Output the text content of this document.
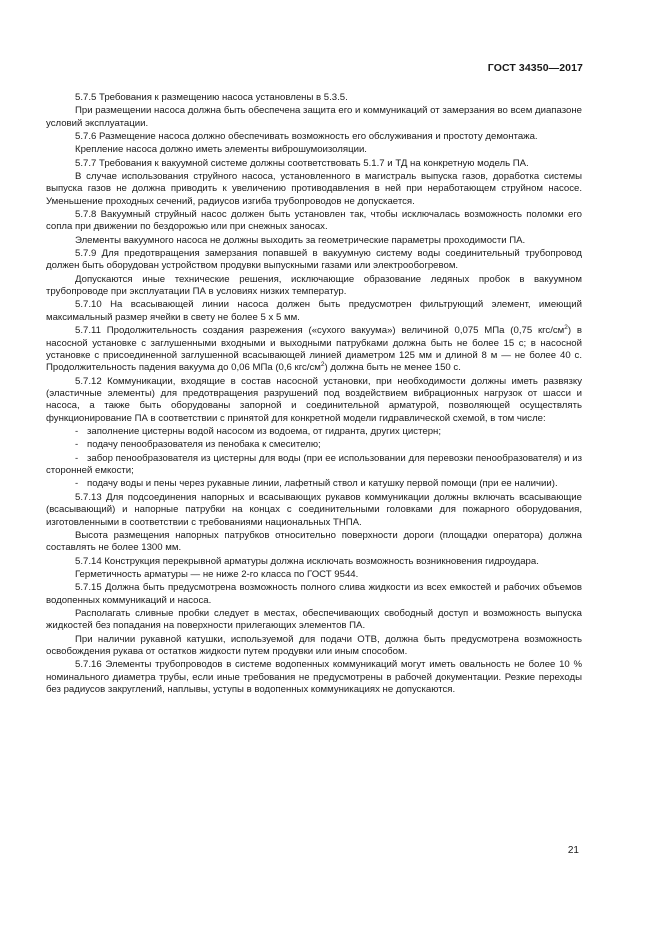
ГОСТ 34350—2017
5.7.5 Требования к размещению насоса установлены в 5.3.5.
При размещении насоса должна быть обеспечена защита его и коммуникаций от замерзания во всем диапазоне условий эксплуатации.
5.7.6 Размещение насоса должно обеспечивать возможность его обслуживания и простоту демонтажа.
Крепление насоса должно иметь элементы виброшумоизоляции.
5.7.7 Требования к вакуумной системе должны соответствовать 5.1.7 и ТД на конкретную модель ПА.
В случае использования струйного насоса, установленного в магистраль выпуска газов, доработка системы выпуска газов не должна приводить к увеличению противодавления в ней при неработающем струйном насосе. Уменьшение проходных сечений, радиусов изгиба трубопроводов не допускается.
5.7.8 Вакуумный струйный насос должен быть установлен так, чтобы исключалась возможность поломки его сопла при движении по бездорожью или при снежных заносах.
Элементы вакуумного насоса не должны выходить за геометрические параметры проходимости ПА.
5.7.9 Для предотвращения замерзания попавшей в вакуумную систему воды соединительный трубопровод должен быть оборудован устройством продувки выпускными газами или электрообогревом.
Допускаются иные технические решения, исключающие образование ледяных пробок в вакуумном трубопроводе при эксплуатации ПА в условиях низких температур.
5.7.10 На всасывающей линии насоса должен быть предусмотрен фильтрующий элемент, имеющий максимальный размер ячейки в свету не более 5 х 5 мм.
5.7.11 Продолжительность создания разрежения («сухого вакуума») величиной 0,075 МПа (0,75 кгс/$см^2$) в насосной установке с заглушенными входными и выходными патрубками должна быть не более 15 с; в насосной установке с присоединенной заглушенной всасывающей линией диаметром 125 мм и длиной 8 м — не более 40 с. Продолжительность падения вакуума до 0,06 МПа (0,6 кгс/$см^2$) должна быть не менее 150 с.
5.7.12 Коммуникации, входящие в состав насосной установки, при необходимости должны иметь развязку (эластичные элементы) для предотвращения разрушений под воздействием вибрационных нагрузок от шасси и насоса, а также быть оборудованы запорной и соединительной арматурой, позволяющей осуществлять функционирование ПА в соответствии с принятой для конкретной модели гидравлической схемой, в том числе:
- заполнение цистерны водой насосом из водоема, от гидранта, других цистерн;
- подачу пенообразователя из пенобака к смесителю;
- забор пенообразователя из цистерны для воды (при ее использовании для перевозки пенообразователя) и из сторонней емкости;
- подачу воды и пены через рукавные линии, лафетный ствол и катушку первой помощи (при ее наличии).
5.7.13 Для подсоединения напорных и всасывающих рукавов коммуникации должны включать всасывающие (всасывающий) и напорные патрубки на концах с соединительными головками для пожарного оборудования, изготовленными в соответствии с требованиями национальных ТНПА.
Высота размещения напорных патрубков относительно поверхности дороги (площадки оператора) должна составлять не более 1300 мм.
5.7.14 Конструкция перекрывной арматуры должна исключать возможность возникновения гидроудара.
Герметичность арматуры — не ниже 2-го класса по ГОСТ 9544.
5.7.15 Должна быть предусмотрена возможность полного слива жидкости из всех емкостей и рабочих объемов водопенных коммуникаций и насоса.
Располагать сливные пробки следует в местах, обеспечивающих свободный доступ и возможность выпуска жидкостей без попадания на поверхности прилегающих элементов ПА.
При наличии рукавной катушки, используемой для подачи ОТВ, должна быть предусмотрена возможность освобождения рукава от остатков жидкости путем продувки или иным способом.
5.7.16 Элементы трубопроводов в системе водопенных коммуникаций могут иметь овальность не более 10 % номинального диаметра трубы, если иные требования не предусмотрены в рабочей документации. Резкие переходы без радиусов закруглений, наплывы, уступы в водопенных коммуникациях не допускаются.
21
